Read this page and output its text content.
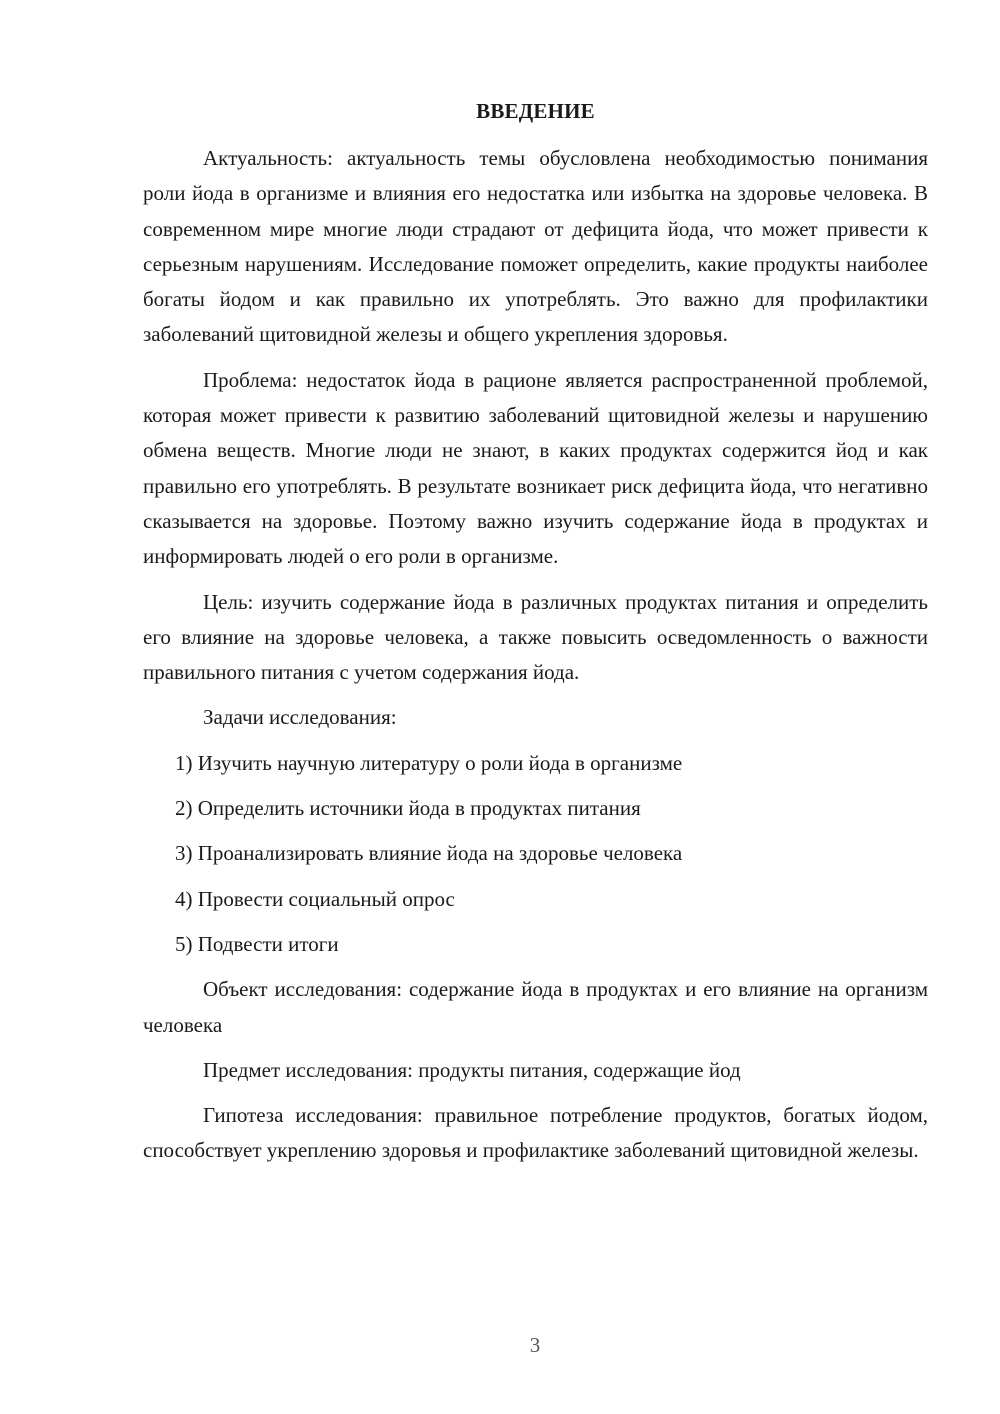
ВВЕДЕНИЕ

Актуальность: актуальность темы обусловлена необходимостью понимания роли йода в организме и влияния его недостатка или избытка на здоровье человека. В современном мире многие люди страдают от дефицита йода, что может привести к серьезным нарушениям. Исследование поможет определить, какие продукты наиболее богаты йодом и как правильно их употреблять. Это важно для профилактики заболеваний щитовидной железы и общего укрепления здоровья.

Проблема: недостаток йода в рационе является распространенной проблемой, которая может привести к развитию заболеваний щитовидной железы и нарушению обмена веществ. Многие люди не знают, в каких продуктах содержится йод и как правильно его употреблять. В результате возникает риск дефицита йода, что негативно сказывается на здоровье. Поэтому важно изучить содержание йода в продуктах и информировать людей о его роли в организме.

Цель: изучить содержание йода в различных продуктах питания и определить его влияние на здоровье человека, а также повысить осведомленность о важности правильного питания с учетом содержания йода.

Задачи исследования:

1) Изучить научную литературу о роли йода в организме

2) Определить источники йода в продуктах питания

3) Проанализировать влияние йода на здоровье человека

4) Провести социальный опрос

5) Подвести итоги

Объект исследования: содержание йода в продуктах и его влияние на организм человека

Предмет исследования: продукты питания, содержащие йод

Гипотеза исследования: правильное потребление продуктов, богатых йодом, способствует укреплению здоровья и профилактике заболеваний щитовидной железы.

3
